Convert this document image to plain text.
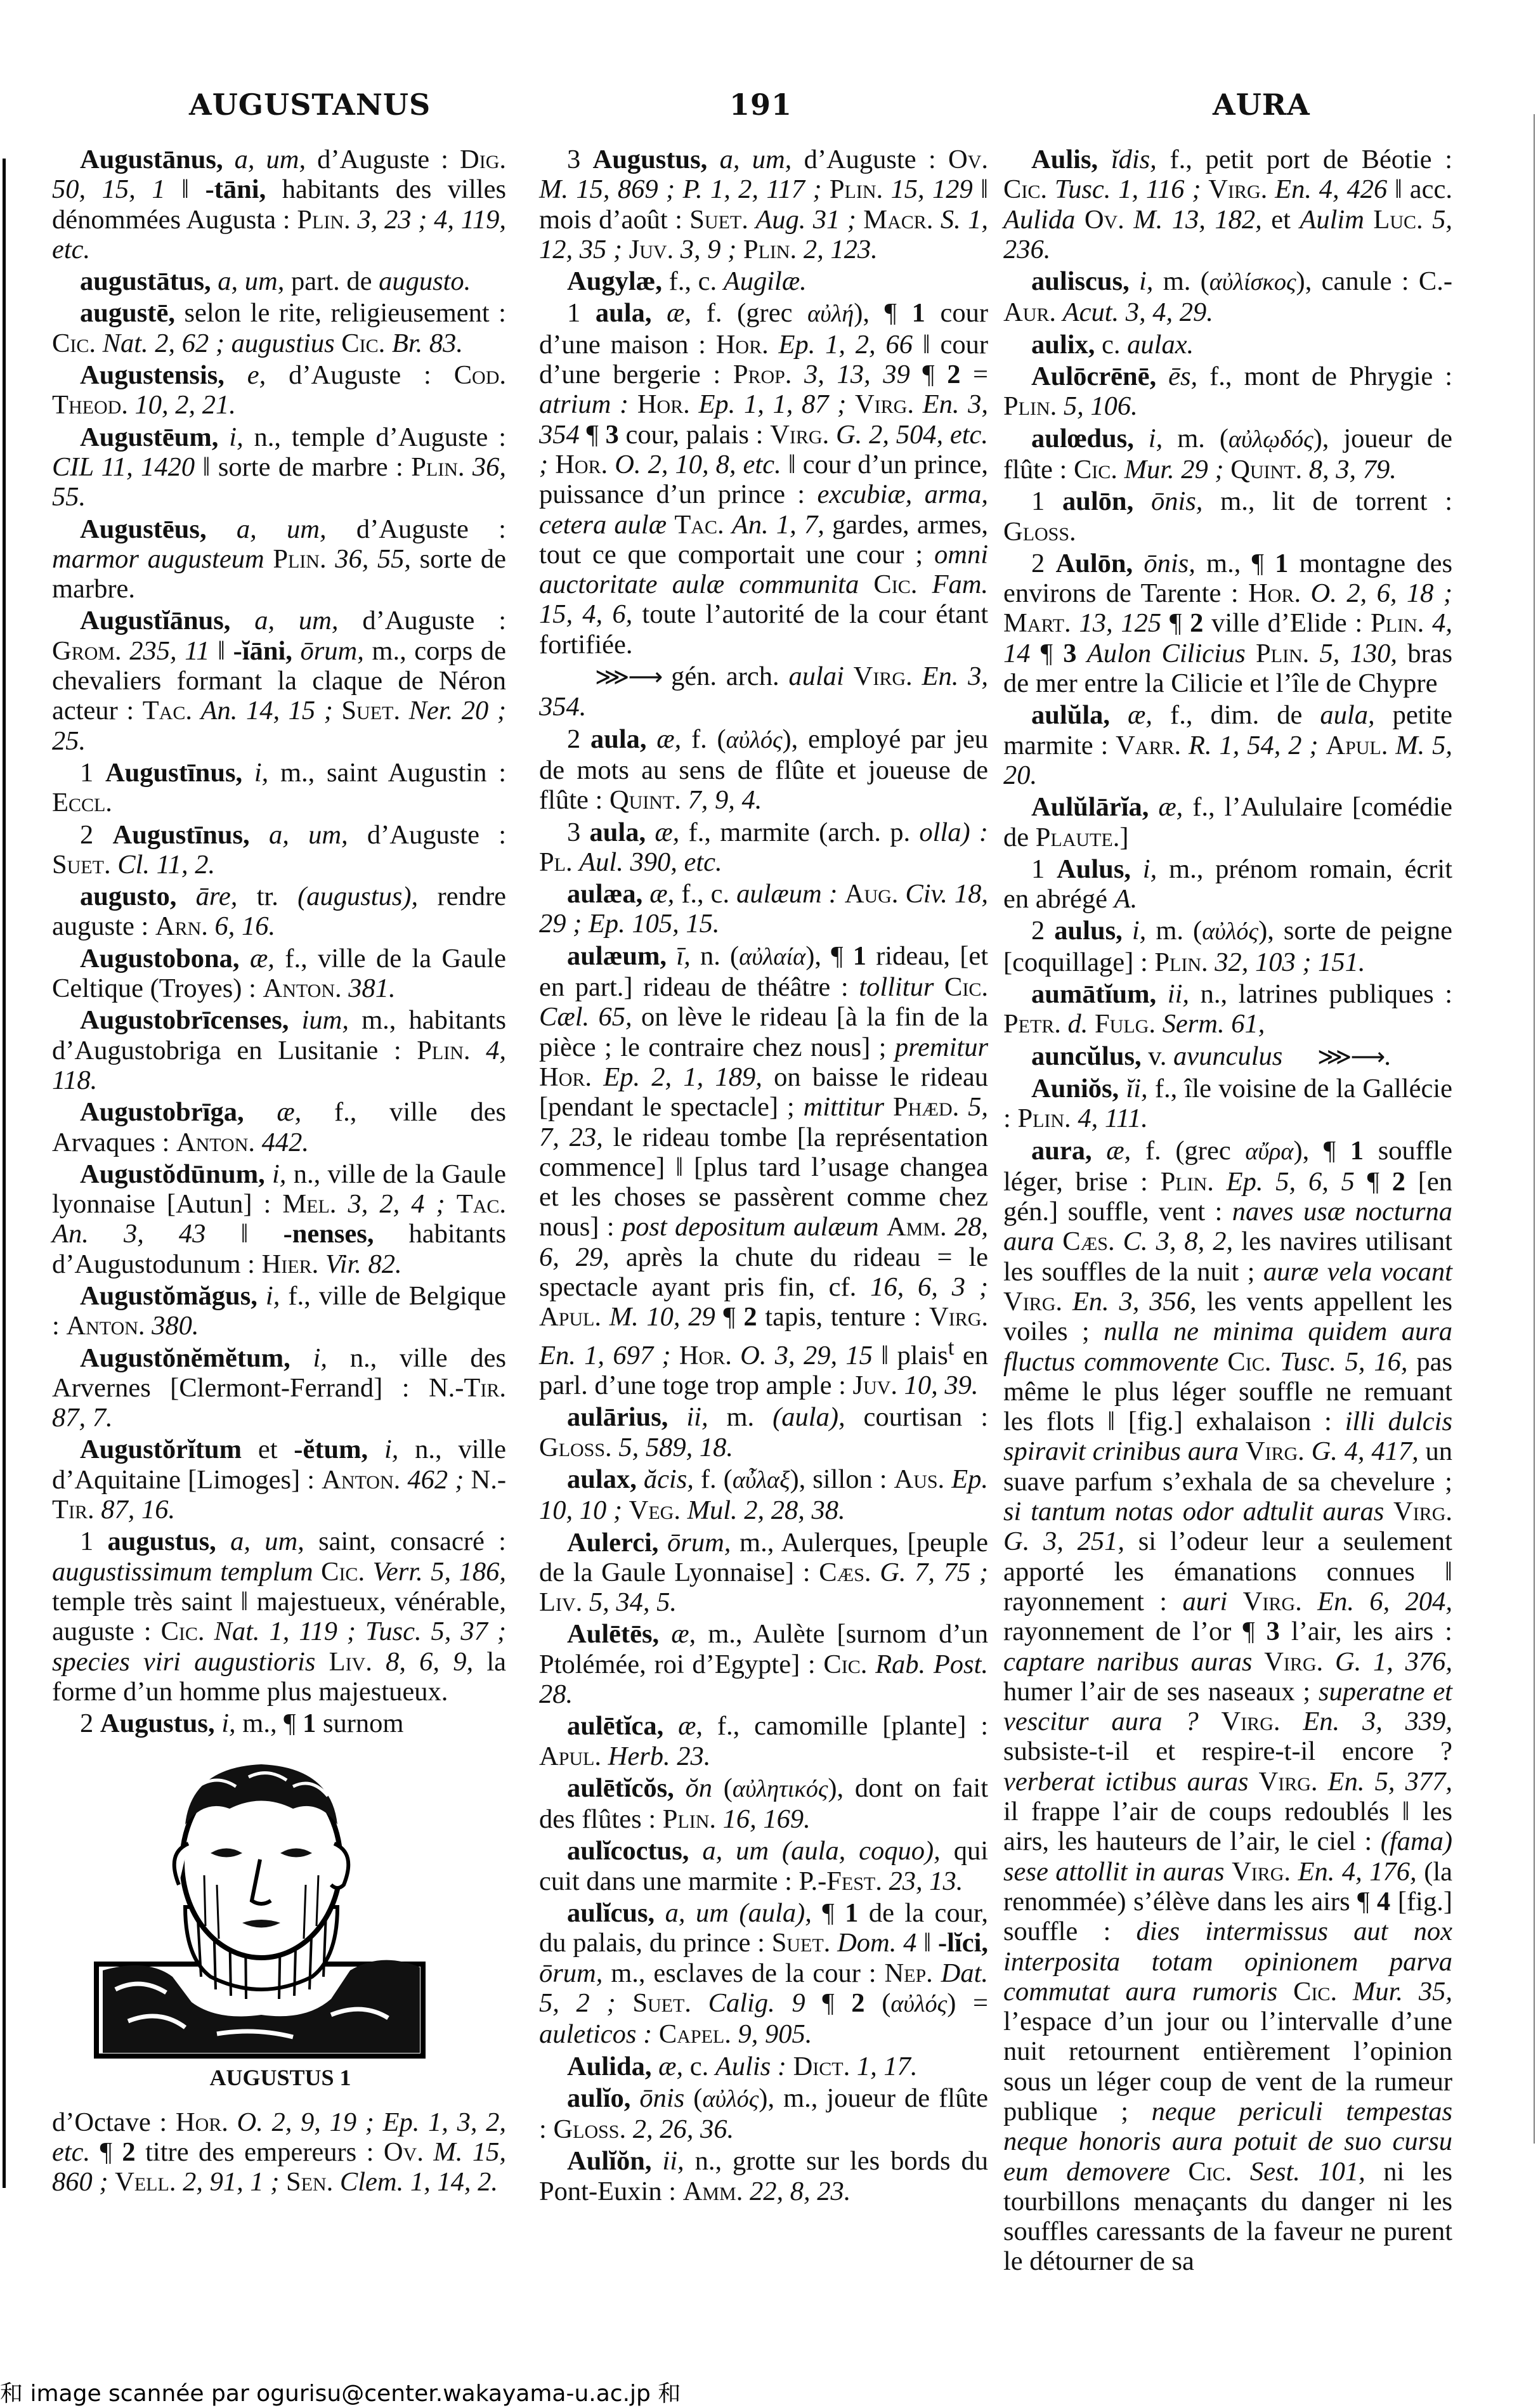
AUGUSTANUS	191	AURA

Augustānus, a, um, d’Auguste : Dig. 50, 15, 1 ‖ -tāni, habitants des villes dénommées Augusta : Plin. 3, 23 ; 4, 119, etc.

augustātus, a, um, part. de augusto.

augustē, selon le rite, religieusement : Cic. Nat. 2, 62 ; augustius Cic. Br. 83.

Augustensis, e, d’Auguste : Cod. Theod. 10, 2, 21.

Augustēum, i, n., temple d’Auguste : CIL 11, 1420 ‖ sorte de marbre : Plin. 36, 55.

Augustēus, a, um, d’Auguste : marmor augusteum Plin. 36, 55, sorte de marbre.

Augustĭānus, a, um, d’Auguste : Grom. 235, 11 ‖ -ĭāni, ōrum, m., corps de chevaliers formant la claque de Néron acteur : Tac. An. 14, 15 ; Suet. Ner. 20 ; 25.

1 Augustīnus, i, m., saint Augustin : Eccl.

2 Augustīnus, a, um, d’Auguste : Suet. Cl. 11, 2.

augusto, āre, tr. (augustus), rendre auguste : Arn. 6, 16.

Augustobona, æ, f., ville de la Gaule Celtique (Troyes) : Anton. 381.

Augustobrīcenses, ium, m., habitants d’Augustobriga en Lusitanie : Plin. 4, 118.

Augustobrīga, æ, f., ville des Arvaques : Anton. 442.

Augustŏdūnum, i, n., ville de la Gaule lyonnaise [Autun] : Mel. 3, 2, 4 ; Tac. An. 3, 43 ‖ -nenses, habitants d’Augustodunum : Hier. Vir. 82.

Augustŏmăgus, i, f., ville de Belgique : Anton. 380.

Augustŏnĕmĕtum, i, n., ville des Arvernes [Clermont-Ferrand] : N.-Tir. 87, 7.

Augustŏrĭtum et -ĕtum, i, n., ville d’Aquitaine [Limoges] : Anton. 462 ; N.-Tir. 87, 16.

1 augustus, a, um, saint, consacré : augustissimum templum Cic. Verr. 5, 186, temple très saint ‖ majestueux, vénérable, auguste : Cic. Nat. 1, 119 ; Tusc. 5, 37 ; species viri augustioris Liv. 8, 6, 9, la forme d’un homme plus majestueux.

2 Augustus, i, m., ¶ 1 surnom

AUGUSTUS 1

d’Octave : Hor. O. 2, 9, 19 ; Ep. 1, 3, 2, etc. ¶ 2 titre des empereurs : Ov. M. 15, 860 ; Vell. 2, 91, 1 ; Sen. Clem. 1, 14, 2.

3 Augustus, a, um, d’Auguste : Ov. M. 15, 869 ; P. 1, 2, 117 ; Plin. 15, 129 ‖ mois d’août : Suet. Aug. 31 ; Macr. S. 1, 12, 35 ; Juv. 3, 9 ; Plin. 2, 123.

Augylæ, f., c. Augilæ.

1 aula, æ, f. (grec αὐλή), ¶ 1 cour d’une maison : Hor. Ep. 1, 2, 66 ‖ cour d’une bergerie : Prop. 3, 13, 39 ¶ 2 = atrium : Hor. Ep. 1, 1, 87 ; Virg. En. 3, 354 ¶ 3 cour, palais : Virg. G. 2, 504, etc. ; Hor. O. 2, 10, 8, etc. ‖ cour d’un prince, puissance d’un prince : excubiæ, arma, cetera aulæ Tac. An. 1, 7, gardes, armes, tout ce que comportait une cour ; omni auctoritate aulæ communita Cic. Fam. 15, 4, 6, toute l’autorité de la cour étant fortifiée.

⋙⟶ gén. arch. aulai Virg. En. 3, 354.

2 aula, æ, f. (αὐλός), employé par jeu de mots au sens de flûte et joueuse de flûte : Quint. 7, 9, 4.

3 aula, æ, f., marmite (arch. p. olla) : Pl. Aul. 390, etc.

aulæa, æ, f., c. aulæum : Aug. Civ. 18, 29 ; Ep. 105, 15.

aulæum, ī, n. (αὐλαία), ¶ 1 rideau, [et en part.] rideau de théâtre : tollitur Cic. Cæl. 65, on lève le rideau [à la fin de la pièce ; le contraire chez nous] ; premitur Hor. Ep. 2, 1, 189, on baisse le rideau [pendant le spectacle] ; mittitur Phæd. 5, 7, 23, le rideau tombe [la représentation commence] ‖ [plus tard l’usage changea et les choses se passèrent comme chez nous] : post depositum aulæum Amm. 28, 6, 29, après la chute du rideau = le spectacle ayant pris fin, cf. 16, 6, 3 ; Apul. M. 10, 29 ¶ 2 tapis, tenture : Virg. En. 1, 697 ; Hor. O. 3, 29, 15 ‖ plais$^t$ en parl. d’une toge trop ample : Juv. 10, 39.

aulārius, ii, m. (aula), courtisan : Gloss. 5, 589, 18.

aulax, ăcis, f. (αὖλαξ), sillon : Aus. Ep. 10, 10 ; Veg. Mul. 2, 28, 38.

Aulerci, ōrum, m., Aulerques, [peuple de la Gaule Lyonnaise] : Cæs. G. 7, 75 ; Liv. 5, 34, 5.

Aulētēs, æ, m., Aulète [surnom d’un Ptolémée, roi d’Egypte] : Cic. Rab. Post. 28.

aulētĭca, æ, f., camomille [plante] : Apul. Herb. 23.

aulētĭcŏs, ŏn (αὐλητικός), dont on fait des flûtes : Plin. 16, 169.

aulĭcoctus, a, um (aula, coquo), qui cuit dans une marmite : P.-Fest. 23, 13.

aulĭcus, a, um (aula), ¶ 1 de la cour, du palais, du prince : Suet. Dom. 4 ‖ -lĭci, ōrum, m., esclaves de la cour : Nep. Dat. 5, 2 ; Suet. Calig. 9 ¶ 2 (αὐλός) = auleticos : Capel. 9, 905.

Aulida, æ, c. Aulis : Dict. 1, 17.

aulĭo, ōnis (αὐλός), m., joueur de flûte : Gloss. 2, 26, 36.

Aulĭŏn, ii, n., grotte sur les bords du Pont-Euxin : Amm. 22, 8, 23.

Aulis, ĭdis, f., petit port de Béotie : Cic. Tusc. 1, 116 ; Virg. En. 4, 426 ‖ acc. Aulida Ov. M. 13, 182, et Aulim Luc. 5, 236.

auliscus, i, m. (αὐλίσκος), canule : C.-Aur. Acut. 3, 4, 29.

aulix, c. aulax.

Aulōcrēnē, ēs, f., mont de Phrygie : Plin. 5, 106.

aulœdus, i, m. (αὐλῳδός), joueur de flûte : Cic. Mur. 29 ; Quint. 8, 3, 79.

1 aulōn, ōnis, m., lit de torrent : Gloss.

2 Aulōn, ōnis, m., ¶ 1 montagne des environs de Tarente : Hor. O. 2, 6, 18 ; Mart. 13, 125 ¶ 2 ville d’Elide : Plin. 4, 14 ¶ 3 Aulon Cilicius Plin. 5, 130, bras de mer entre la Cilicie et l’île de Chypre

aulŭla, æ, f., dim. de aula, petite marmite : Varr. R. 1, 54, 2 ; Apul. M. 5, 20.

Aulŭlārĭa, æ, f., l’Aululaire [comédie de Plaute.]

1 Aulus, i, m., prénom romain, écrit en abrégé A.

2 aulus, i, m. (αὐλός), sorte de peigne [coquillage] : Plin. 32, 103 ; 151.

aumātĭum, ii, n., latrines publiques : Petr. d. Fulg. Serm. 61,

auncŭlus, v. avunculus ⋙⟶.

Auniŏs, ĭi, f., île voisine de la Gallécie : Plin. 4, 111.

aura, æ, f. (grec αὔρα), ¶ 1 souffle léger, brise : Plin. Ep. 5, 6, 5 ¶ 2 [en gén.] souffle, vent : naves usæ nocturna aura Cæs. C. 3, 8, 2, les navires utilisant les souffles de la nuit ; auræ vela vocant Virg. En. 3, 356, les vents appellent les voiles ; nulla ne minima quidem aura fluctus commovente Cic. Tusc. 5, 16, pas même le plus léger souffle ne remuant les flots ‖ [fig.] exhalaison : illi dulcis spiravit crinibus aura Virg. G. 4, 417, un suave parfum s’exhala de sa chevelure ; si tantum notas odor adtulit auras Virg. G. 3, 251, si l’odeur leur a seulement apporté les émanations connues ‖ rayonnement : auri Virg. En. 6, 204, rayonnement de l’or ¶ 3 l’air, les airs : captare naribus auras Virg. G. 1, 376, humer l’air de ses naseaux ; superatne et vescitur aura ? Virg. En. 3, 339, subsiste-t-il et respire-t-il encore ? verberat ictibus auras Virg. En. 5, 377, il frappe l’air de coups redoublés ‖ les airs, les hauteurs de l’air, le ciel : (fama) sese attollit in auras Virg. En. 4, 176, (la renommée) s’élève dans les airs ¶ 4 [fig.] souffle : dies intermissus aut nox interposita totam opinionem parva commutat aura rumoris Cic. Mur. 35, l’espace d’un jour ou l’intervalle d’une nuit retournent entièrement l’opinion sous un léger coup de vent de la rumeur publique ; neque periculi tempestas neque honoris aura potuit de suo cursu eum demovere Cic. Sest. 101, ni les tourbillons menaçants du danger ni les souffles caressants de la faveur ne purent le détourner de sa

和 image scannée par ogurisu@center.wakayama-u.ac.jp 和
